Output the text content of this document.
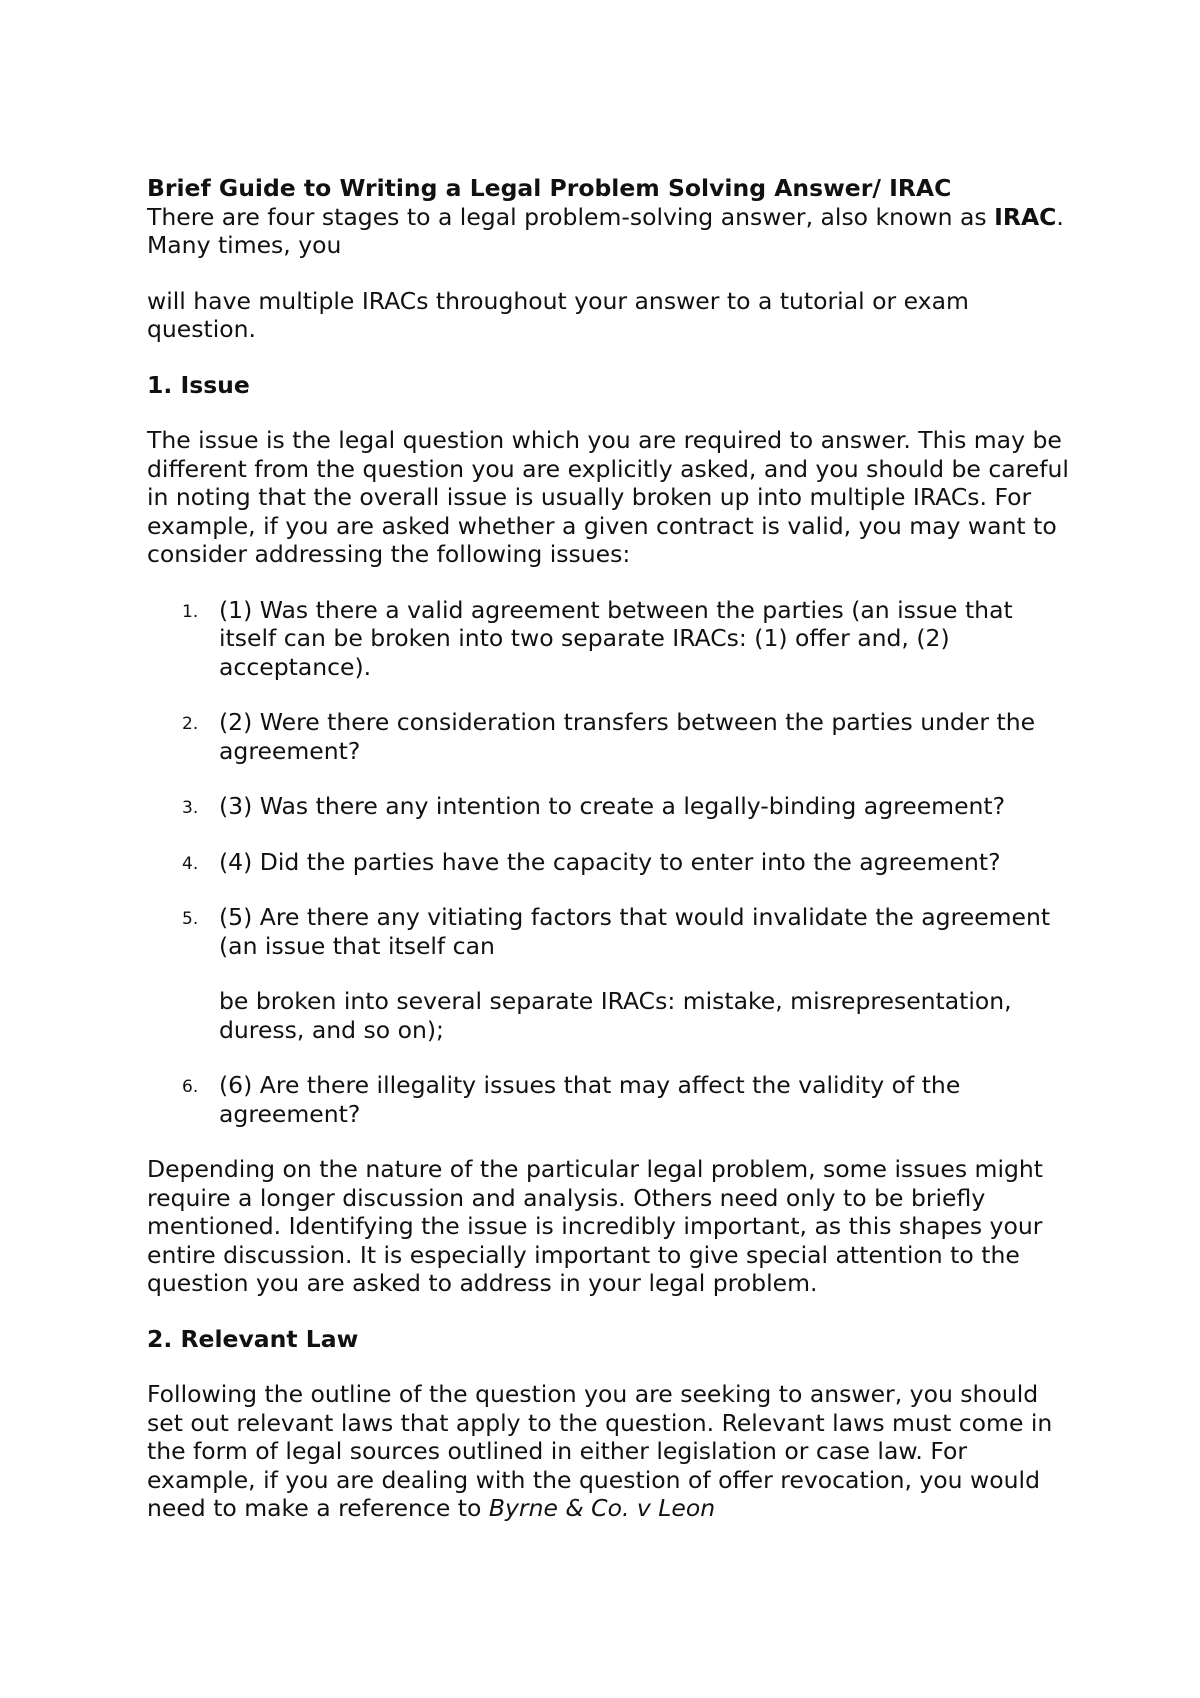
Brief Guide to Writing a Legal Problem Solving Answer/ IRAC

There are four stages to a legal problem-solving answer, also known as IRAC. Many times, you

will have multiple IRACs throughout your answer to a tutorial or exam question.

1. Issue

The issue is the legal question which you are required to answer. This may be different from the question you are explicitly asked, and you should be careful in noting that the overall issue is usually broken up into multiple IRACs. For example, if you are asked whether a given contract is valid, you may want to consider addressing the following issues:

1. (1) Was there a valid agreement between the parties (an issue that itself can be broken into two separate IRACs: (1) offer and, (2) acceptance).
2. (2) Were there consideration transfers between the parties under the agreement?
3. (3) Was there any intention to create a legally-binding agreement?
4. (4) Did the parties have the capacity to enter into the agreement?
5. (5) Are there any vitiating factors that would invalidate the agreement (an issue that itself can
be broken into several separate IRACs: mistake, misrepresentation, duress, and so on);
6. (6) Are there illegality issues that may affect the validity of the agreement?

Depending on the nature of the particular legal problem, some issues might require a longer discussion and analysis. Others need only to be briefly mentioned. Identifying the issue is incredibly important, as this shapes your entire discussion. It is especially important to give special attention to the question you are asked to address in your legal problem.

2. Relevant Law

Following the outline of the question you are seeking to answer, you should set out relevant laws that apply to the question. Relevant laws must come in the form of legal sources outlined in either legislation or case law. For example, if you are dealing with the question of offer revocation, you would need to make a reference to Byrne & Co. v Leon
